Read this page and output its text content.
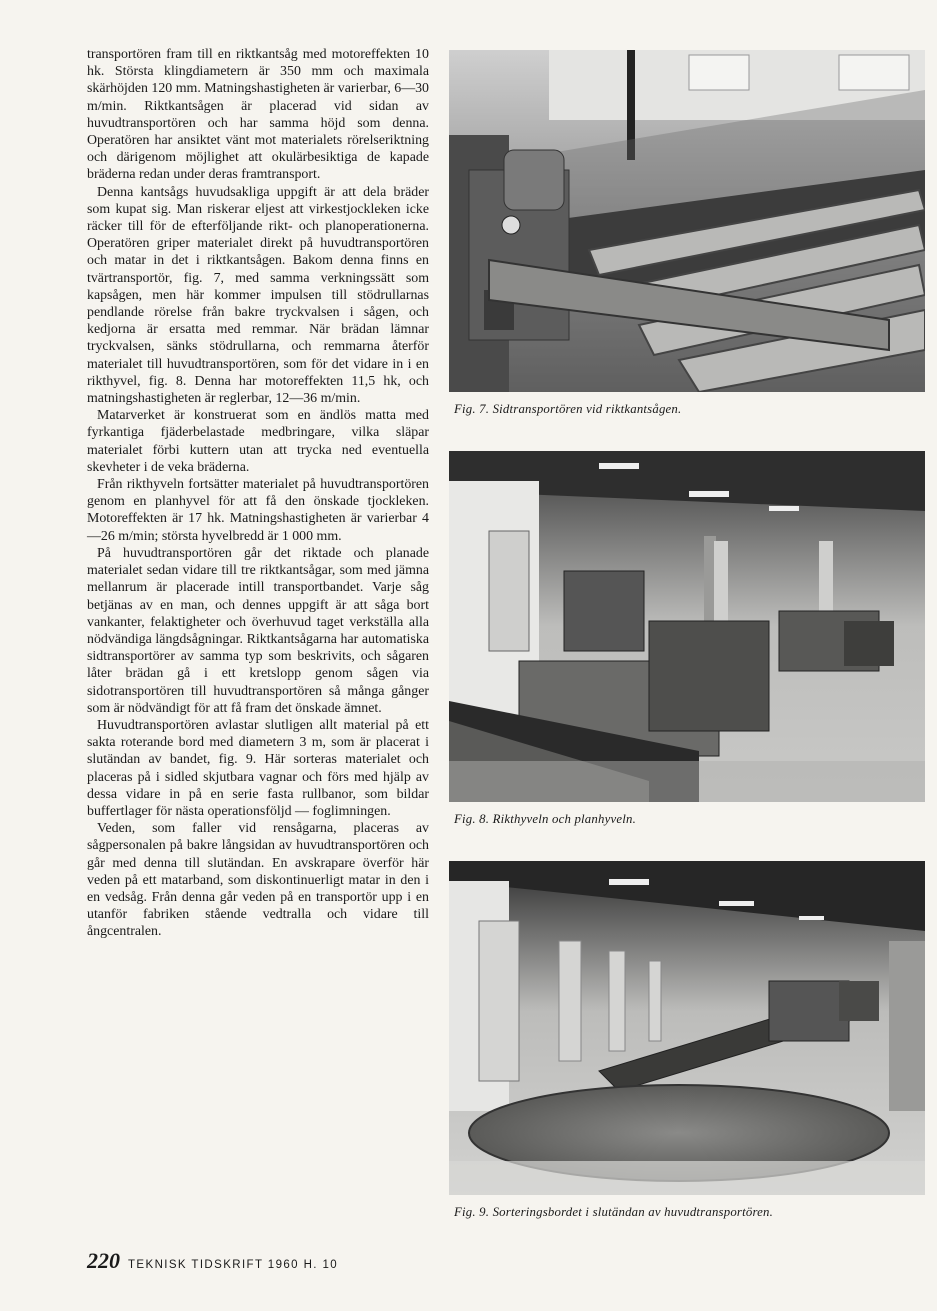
transportören fram till en riktkantsåg med motoreffekten 10 hk. Största klingdiametern är 350 mm och maximala skärhöjden 120 mm. Matningshastigheten är varierbar, 6—30 m/min. Riktkantsågen är placerad vid sidan av huvudtransportören och har samma höjd som denna. Operatören har ansiktet vänt mot materialets rörelseriktning och därigenom möjlighet att okulärbesiktiga de kapade bräderna redan under deras framtransport.

Denna kantsågs huvudsakliga uppgift är att dela bräder som kupat sig. Man riskerar eljest att virkestjockleken icke räcker till för de efterföljande rikt- och planoperationerna. Operatören griper materialet direkt på huvudtransportören och matar in det i riktkantsågen. Bakom denna finns en tvärtransportör, fig. 7, med samma verkningssätt som kapsågen, men här kommer impulsen till stödrullarnas pendlande rörelse från bakre tryckvalsen i sågen, och kedjorna är ersatta med remmar. När brädan lämnar tryckvalsen, sänks stödrullarna, och remmarna återför materialet till huvudtransportören, som för det vidare in i en rikthyvel, fig. 8. Denna har motoreffekten 11,5 hk, och matningshastigheten är reglerbar, 12—36 m/min.

Matarverket är konstruerat som en ändlös matta med fyrkantiga fjäderbelastade medbringare, vilka släpar materialet förbi kuttern utan att trycka ned eventuella skevheter i de veka bräderna.

Från rikthyveln fortsätter materialet på huvudtransportören genom en planhyvel för att få den önskade tjockleken. Motoreffekten är 17 hk. Matningshastigheten är varierbar 4—26 m/min; största hyvelbredd är 1 000 mm.

På huvudtransportören går det riktade och planade materialet sedan vidare till tre riktkantsågar, som med jämna mellanrum är placerade intill transportbandet. Varje såg betjänas av en man, och dennes uppgift är att såga bort vankanter, felaktigheter och överhuvud taget verkställa alla nödvändiga längdsågningar. Riktkantsågarna har automatiska sidtransportörer av samma typ som beskrivits, och sågaren låter brädan gå i ett kretslopp genom sågen via sidotransportören till huvudtransportören så många gånger som är nödvändigt för att få fram det önskade ämnet.

Huvudtransportören avlastar slutligen allt material på ett sakta roterande bord med diametern 3 m, som är placerat i slutändan av bandet, fig. 9. Här sorteras materialet och placeras på i sidled skjutbara vagnar och förs med hjälp av dessa vidare in på en serie fasta rullbanor, som bildar buffertlager för nästa operationsföljd — foglimningen.

Veden, som faller vid rensågarna, placeras av sågpersonalen på bakre långsidan av huvudtransportören och går med denna till slutändan. En avskrapare överför här veden på ett matarband, som diskontinuerligt matar in den i en vedsåg. Från denna går veden på en transportör upp i en utanför fabriken stående vedtralla och vidare till ångcentralen.

Fig. 7. Sidtransportören vid riktkantsågen.
Fig. 8. Rikthyveln och planhyveln.
Fig. 9. Sorteringsbordet i slutändan av huvudtransportören.
220 TEKNISK TIDSKRIFT 1960 H. 10
